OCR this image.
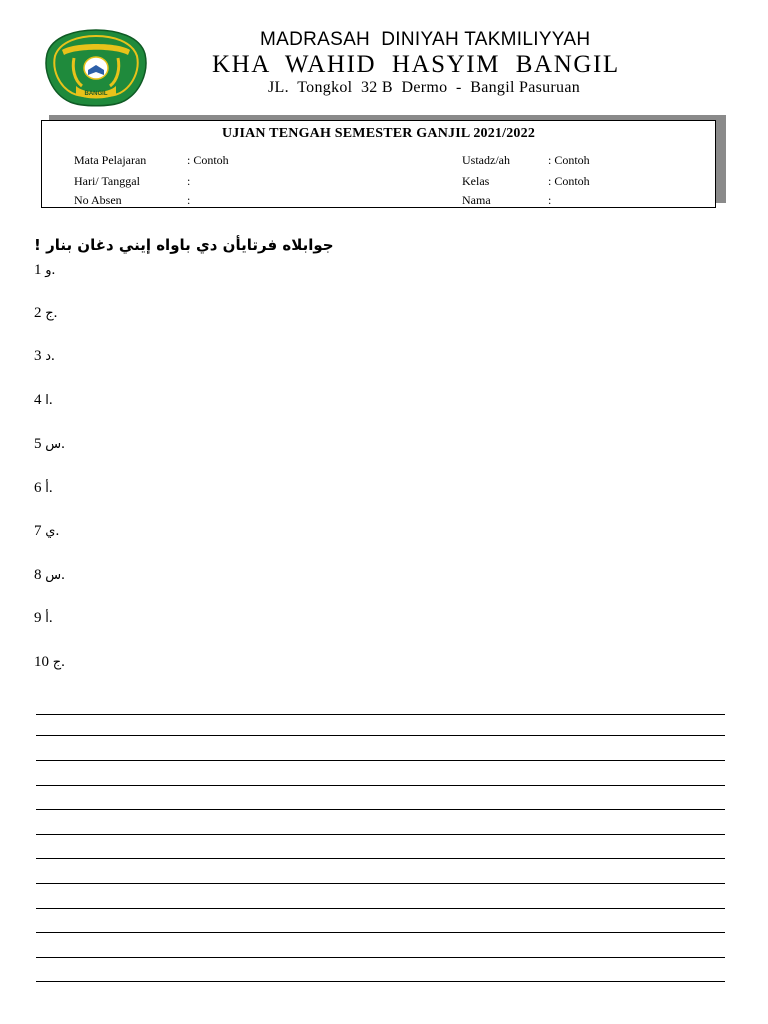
BANGIL
MADRASAH  DINIYAH TAKMILIYYAH
KHA  WAHID  HASYIM  BANGIL
JL.  Tongkol  32 B  Dermo  -  Bangil Pasuruan
UJIAN TENGAH SEMESTER GANJIL 2021/2022
Mata Pelajaran	: Contoh
Hari/ Tanggal	:
No Absen	:
Ustadz/ah	: Contoh
Kelas	: Contoh
Nama	:
جوابلاه فرتايأن دي باواه إيني دغان بنار !
و 1.
ج 2.
د 3.
ا 4.
س 5.
أ 6.
ي 7.
س 8.
أ 9.
ج 10.
